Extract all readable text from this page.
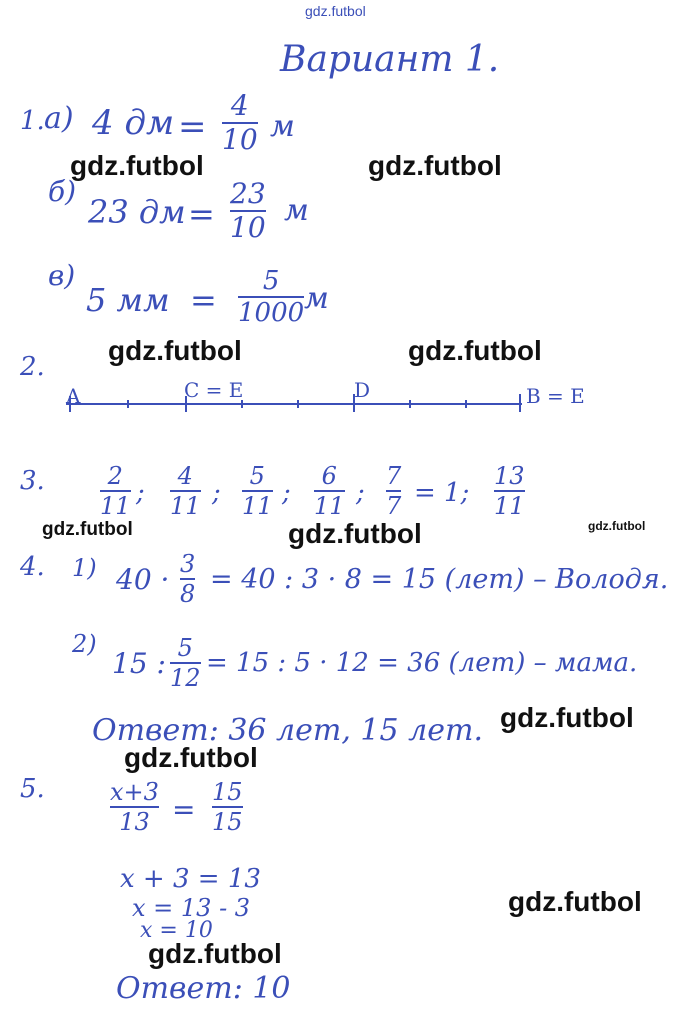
gdz.futbol
gdz.futbol	gdz.futbol
gdz.futbol	gdz.futbol
gdz.futbol	gdz.futbol	gdz.futbol
gdz.futbol
gdz.futbol
gdz.futbol
gdz.futbol
Вариант 1.
1. а) 4 дм =
4
10 м
б)
23 дм =
23
10 м
в)
5 мм = 5
1000 м
2.
A	C = E	D	B = E
3.	2
11 ;
4
11 ;
5
11 ;
6
11 ;
7
7 = 1;
13
11
4. 1) 40 · 3
8 = 40 : 3 · 8 = 15 (лет) – Володя.
2)
15 : 5
12 = 15 : 5 · 12 = 36 (лет) – мама.
Ответ: 36 лет, 15 лет.
5.	x+3
13 =
15
15
x + 3 = 13
x = 13 - 3
x = 10
Ответ: 10
